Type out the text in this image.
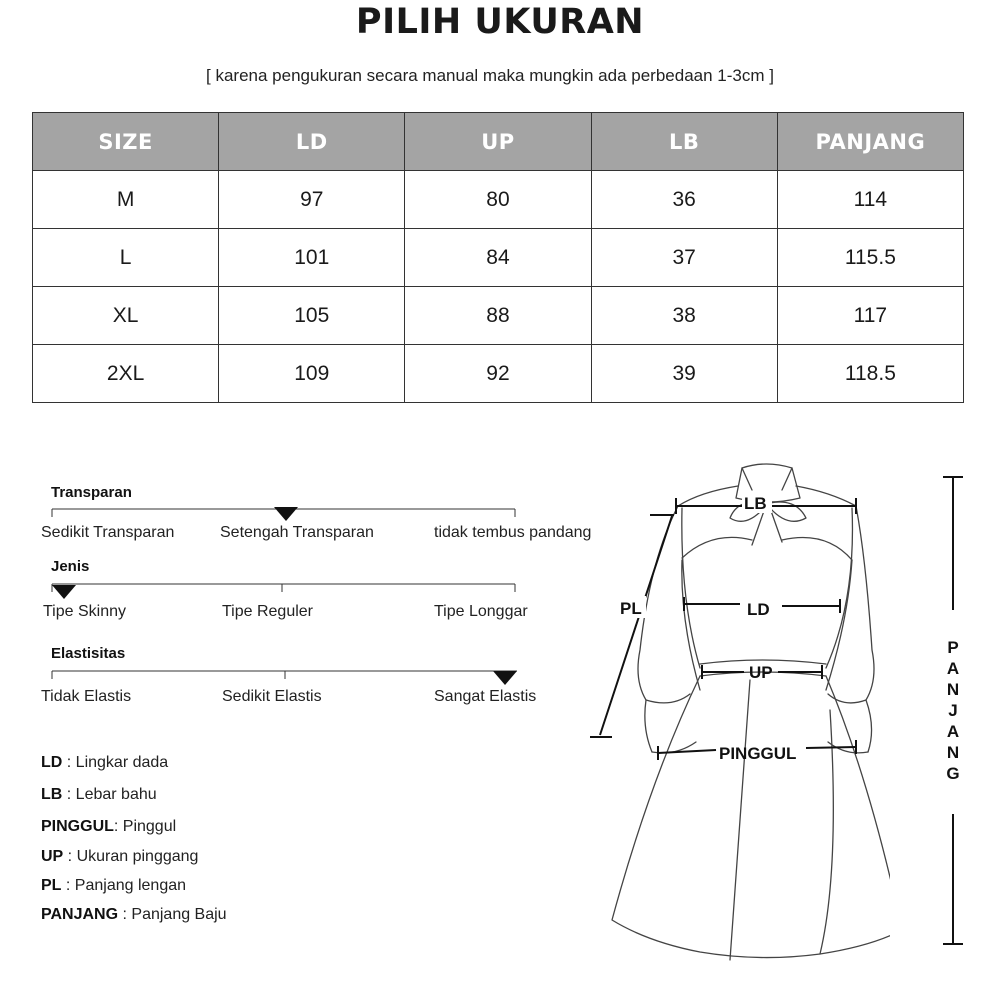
PILIH UKURAN
[ karena pengukuran secara manual maka mungkin ada perbedaan 1-3cm ]
SIZE	LD	UP	LB	PANJANG
M	97	80	36	114
L	101	84	37	115.5
XL	105	88	38	117
2XL	109	92	39	118.5
Transparan
Sedikit Transparan	Setengah Transparan	tidak tembus pandang
Jenis
Tipe Skinny	Tipe Reguler	Tipe Longgar
Elastisitas
Tidak Elastis	Sedikit Elastis	Sangat Elastis
LD : Lingkar dada
LB : Lebar bahu
PINGGUL: Pinggul
UP : Ukuran pinggang
PL : Panjang lengan
PANJANG : Panjang Baju
LB
PL	LD
UP
PINGGUL
P
A
N
J
A
N
G
